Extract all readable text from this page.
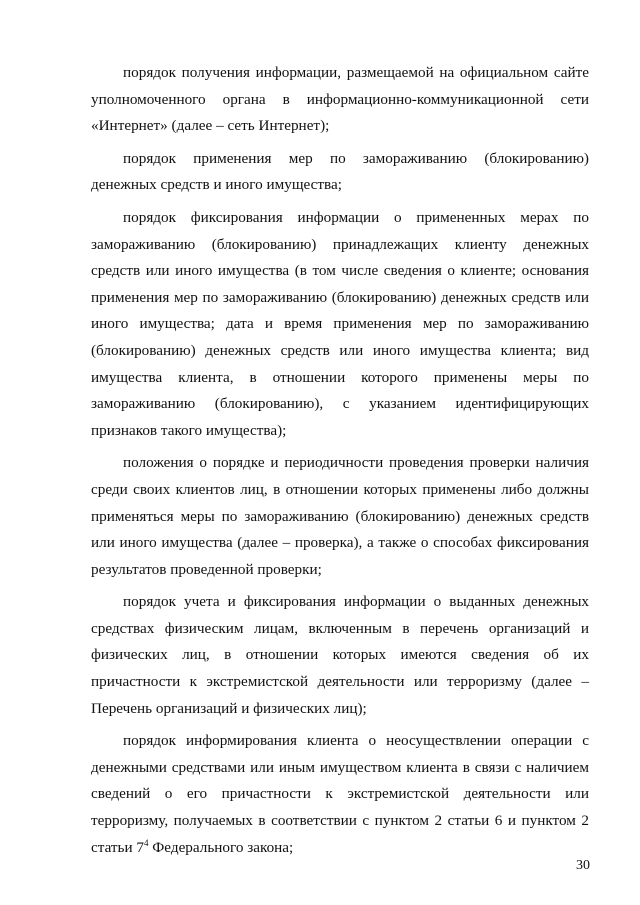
порядок получения информации, размещаемой на официальном сайте уполномоченного органа в информационно-коммуникационной сети «Интернет» (далее – сеть Интернет);

порядок применения мер по замораживанию (блокированию) денежных средств и иного имущества;

порядок фиксирования информации о примененных мерах по замораживанию (блокированию) принадлежащих клиенту денежных средств или иного имущества (в том числе сведения о клиенте; основания применения мер по замораживанию (блокированию) денежных средств или иного имущества; дата и время применения мер по замораживанию (блокированию) денежных средств или иного имущества клиента; вид имущества клиента, в отношении которого применены меры по замораживанию (блокированию), с указанием идентифицирующих признаков такого имущества);

положения о порядке и периодичности проведения проверки наличия среди своих клиентов лиц, в отношении которых применены либо должны применяться меры по замораживанию (блокированию) денежных средств или иного имущества (далее – проверка), а также о способах фиксирования результатов проведенной проверки;

порядок учета и фиксирования информации о выданных денежных средствах физическим лицам, включенным в перечень организаций и физических лиц, в отношении которых имеются сведения об их причастности к экстремистской деятельности или терроризму (далее – Перечень организаций и физических лиц);

порядок информирования клиента о неосуществлении операции с денежными средствами или иным имуществом клиента в связи с наличием сведений о его причастности к экстремистской деятельности или терроризму, получаемых в соответствии с пунктом 2 статьи 6 и пунктом 2 статьи $7^4$ Федерального закона;

30
